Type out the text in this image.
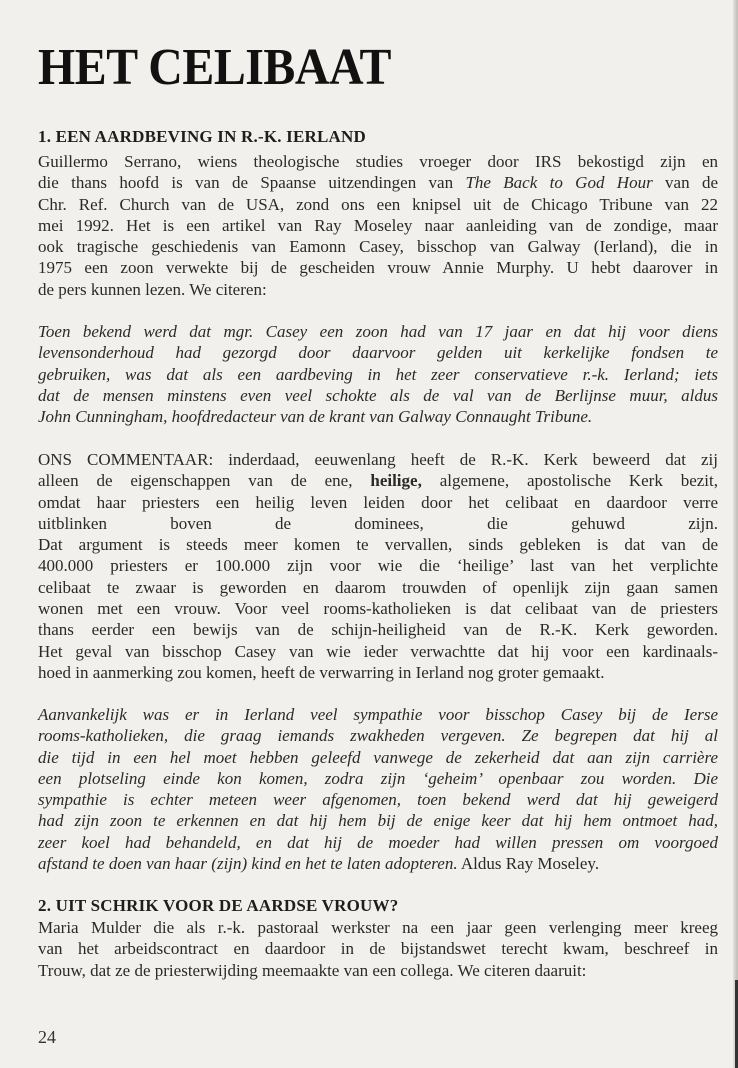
HET CELIBAAT
1. EEN AARDBEVING IN R.-K. IERLAND
Guillermo Serrano, wiens theologische studies vroeger door IRS bekostigd zijn en
die thans hoofd is van de Spaanse uitzendingen van The Back to God Hour van de
Chr. Ref. Church van de USA, zond ons een knipsel uit de Chicago Tribune van 22
mei 1992. Het is een artikel van Ray Moseley naar aanleiding van de zondige, maar
ook tragische geschiedenis van Eamonn Casey, bisschop van Galway (Ierland), die in
1975 een zoon verwekte bij de gescheiden vrouw Annie Murphy. U hebt daarover in
de pers kunnen lezen. We citeren:
Toen bekend werd dat mgr. Casey een zoon had van 17 jaar en dat hij voor diens
levensonderhoud had gezorgd door daarvoor gelden uit kerkelijke fondsen te
gebruiken, was dat als een aardbeving in het zeer conservatieve r.-k. Ierland; iets
dat de mensen minstens even veel schokte als de val van de Berlijnse muur, aldus
John Cunningham, hoofdredacteur van de krant van Galway Connaught Tribune.
ONS COMMENTAAR: inderdaad, eeuwenlang heeft de R.-K. Kerk beweerd dat zij
alleen de eigenschappen van de ene, heilige, algemene, apostolische Kerk bezit,
omdat haar priesters een heilig leven leiden door het celibaat en daardoor verre
uitblinken boven de dominees, die gehuwd zijn.
Dat argument is steeds meer komen te vervallen, sinds gebleken is dat van de
400.000 priesters er 100.000 zijn voor wie die ‘heilige’ last van het verplichte
celibaat te zwaar is geworden en daarom trouwden of openlijk zijn gaan samen
wonen met een vrouw. Voor veel rooms-katholieken is dat celibaat van de priesters
thans eerder een bewijs van de schijn-heiligheid van de R.-K. Kerk geworden.
Het geval van bisschop Casey van wie ieder verwachtte dat hij voor een kardinaals-
hoed in aanmerking zou komen, heeft de verwarring in Ierland nog groter gemaakt.
Aanvankelijk was er in Ierland veel sympathie voor bisschop Casey bij de Ierse
rooms-katholieken, die graag iemands zwakheden vergeven. Ze begrepen dat hij al
die tijd in een hel moet hebben geleefd vanwege de zekerheid dat aan zijn carrière
een plotseling einde kon komen, zodra zijn ‘geheim’ openbaar zou worden. Die
sympathie is echter meteen weer afgenomen, toen bekend werd dat hij geweigerd
had zijn zoon te erkennen en dat hij hem bij de enige keer dat hij hem ontmoet had,
zeer koel had behandeld, en dat hij de moeder had willen pressen om voorgoed
afstand te doen van haar (zijn) kind en het te laten adopteren. Aldus Ray Moseley.
2. UIT SCHRIK VOOR DE AARDSE VROUW?
Maria Mulder die als r.-k. pastoraal werkster na een jaar geen verlenging meer kreeg
van het arbeidscontract en daardoor in de bijstandswet terecht kwam, beschreef in
Trouw, dat ze de priesterwijding meemaakte van een collega. We citeren daaruit:
24
